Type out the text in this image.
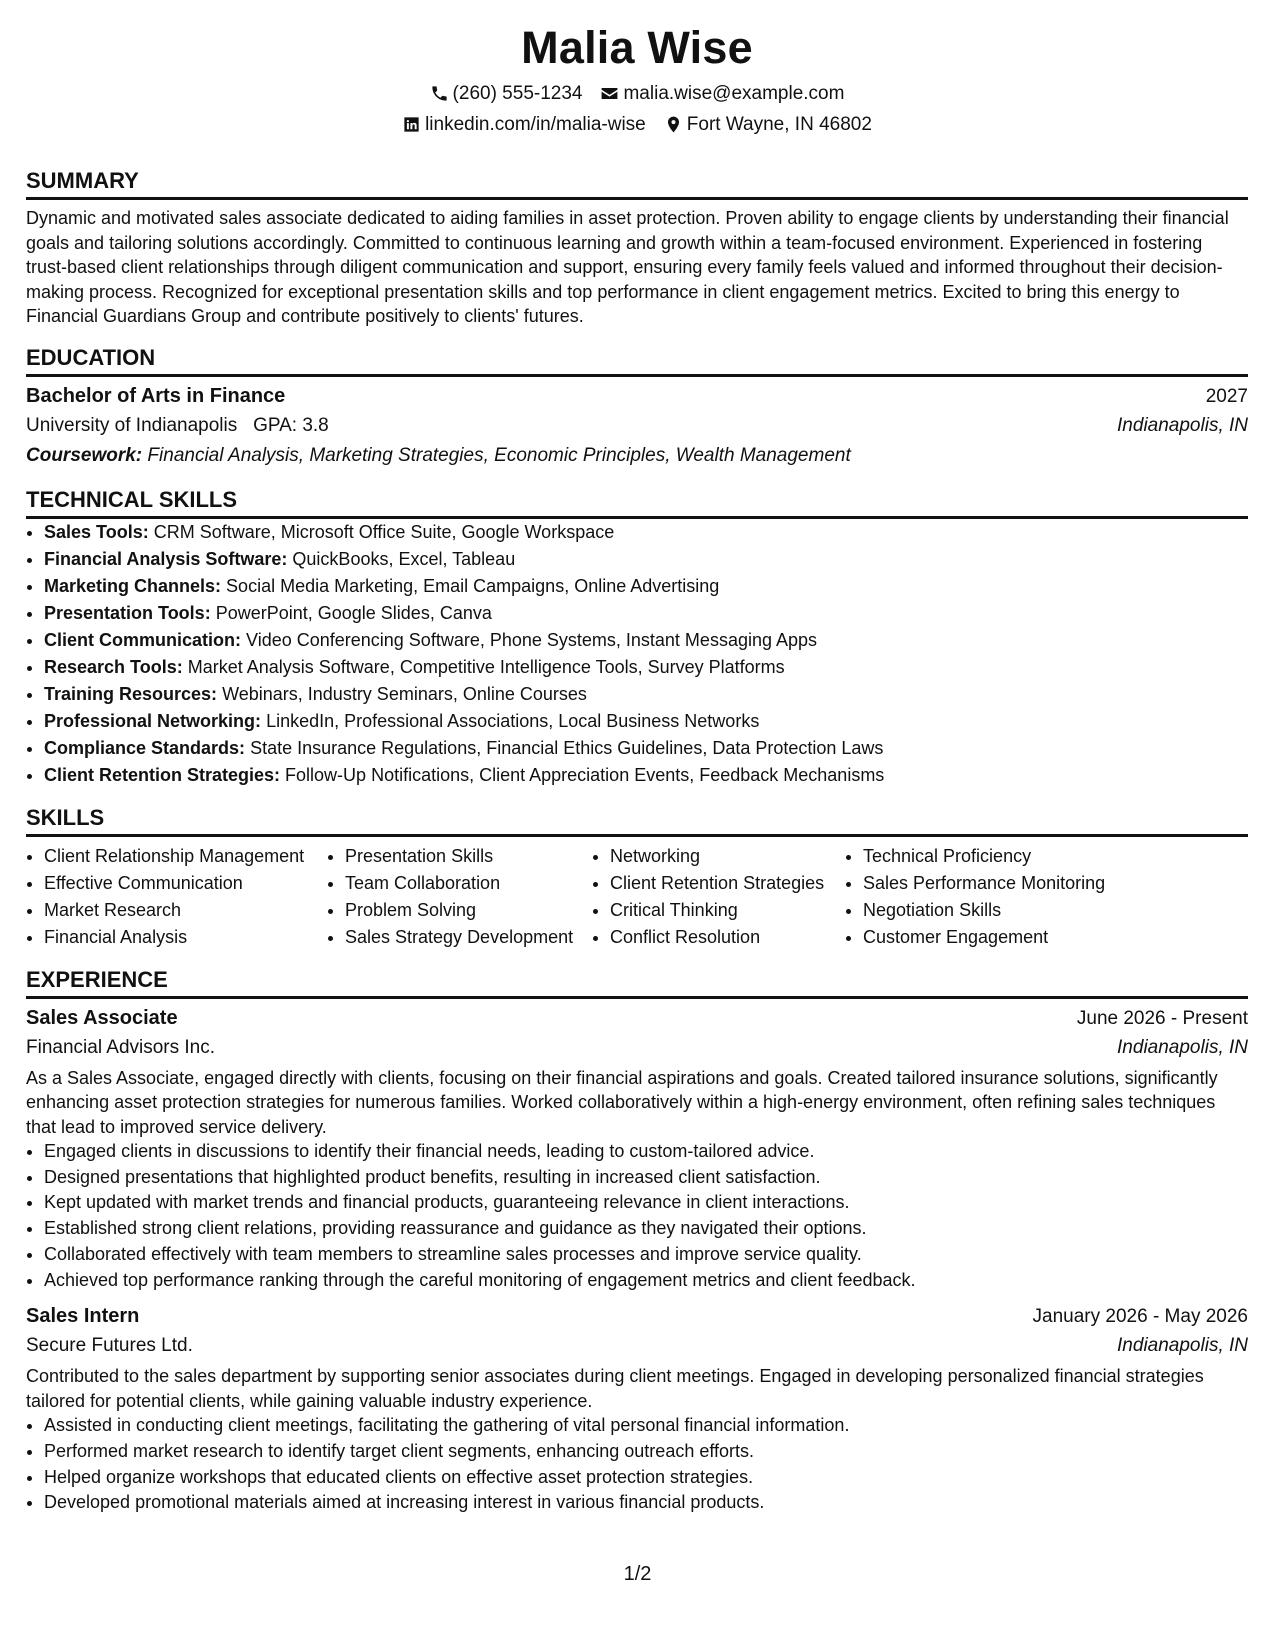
Malia Wise
(260) 555-1234 malia.wise@example.com
linkedin.com/in/malia-wise Fort Wayne, IN 46802
SUMMARY

Dynamic and motivated sales associate dedicated to aiding families in asset protection. Proven ability to engage clients by understanding their financial goals and tailoring solutions accordingly. Committed to continuous learning and growth within a team-focused environment. Experienced in fostering trust-based client relationships through diligent communication and support, ensuring every family feels valued and informed throughout their decision-making process. Recognized for exceptional presentation skills and top performance in client engagement metrics. Excited to bring this energy to Financial Guardians Group and contribute positively to clients' futures.

EDUCATION
Bachelor of Arts in Finance	2027
University of Indianapolis GPA: 3.8	Indianapolis, IN
Coursework: Financial Analysis, Marketing Strategies, Economic Principles, Wealth Management
TECHNICAL SKILLS
• Sales Tools: CRM Software, Microsoft Office Suite, Google Workspace
• Financial Analysis Software: QuickBooks, Excel, Tableau
• Marketing Channels: Social Media Marketing, Email Campaigns, Online Advertising
• Presentation Tools: PowerPoint, Google Slides, Canva
• Client Communication: Video Conferencing Software, Phone Systems, Instant Messaging Apps
• Research Tools: Market Analysis Software, Competitive Intelligence Tools, Survey Platforms
• Training Resources: Webinars, Industry Seminars, Online Courses
• Professional Networking: LinkedIn, Professional Associations, Local Business Networks
• Compliance Standards: State Insurance Regulations, Financial Ethics Guidelines, Data Protection Laws
• Client Retention Strategies: Follow-Up Notifications, Client Appreciation Events, Feedback Mechanisms
SKILLS
• Client Relationship Management
• Effective Communication
• Market Research
• Financial Analysis
• Presentation Skills
• Team Collaboration
• Problem Solving
• Sales Strategy Development
• Networking
• Client Retention Strategies
• Critical Thinking
• Conflict Resolution
• Technical Proficiency
• Sales Performance Monitoring
• Negotiation Skills
• Customer Engagement
EXPERIENCE
Sales Associate	June 2026 - Present
Financial Advisors Inc.	Indianapolis, IN

As a Sales Associate, engaged directly with clients, focusing on their financial aspirations and goals. Created tailored insurance solutions, significantly enhancing asset protection strategies for numerous families. Worked collaboratively within a high-energy environment, often refining sales techniques that lead to improved service delivery.

• Engaged clients in discussions to identify their financial needs, leading to custom-tailored advice.
• Designed presentations that highlighted product benefits, resulting in increased client satisfaction.
• Kept updated with market trends and financial products, guaranteeing relevance in client interactions.
• Established strong client relations, providing reassurance and guidance as they navigated their options.
• Collaborated effectively with team members to streamline sales processes and improve service quality.
• Achieved top performance ranking through the careful monitoring of engagement metrics and client feedback.
Sales Intern	January 2026 - May 2026
Secure Futures Ltd.	Indianapolis, IN

Contributed to the sales department by supporting senior associates during client meetings. Engaged in developing personalized financial strategies tailored for potential clients, while gaining valuable industry experience.

• Assisted in conducting client meetings, facilitating the gathering of vital personal financial information.
• Performed market research to identify target client segments, enhancing outreach efforts.
• Helped organize workshops that educated clients on effective asset protection strategies.
• Developed promotional materials aimed at increasing interest in various financial products.
1/2
